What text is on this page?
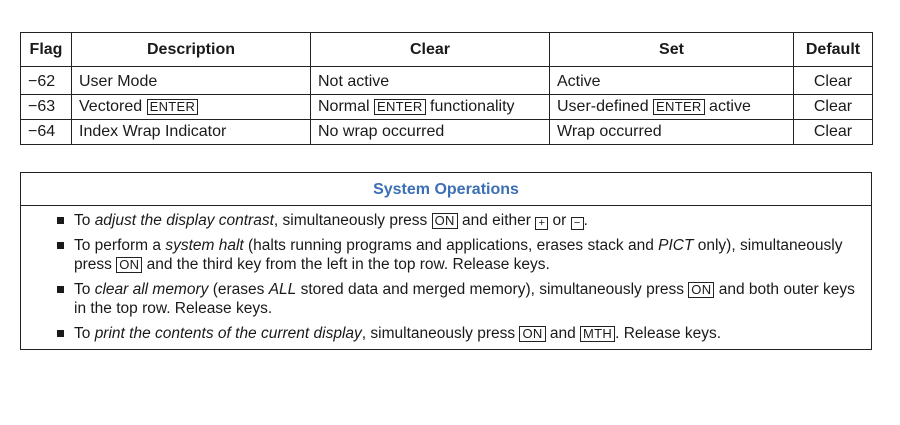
Flag	Description	Clear	Set	Default
−62	User Mode	Not active	Active	Clear
−63	Vectored ENTER	Normal ENTER functionality	User-defined ENTER active	Clear
−64	Index Wrap Indicator	No wrap occurred	Wrap occurred	Clear
System Operations
To adjust the display contrast, simultaneously press ON and either + or − .
To perform a system halt (halts running programs and applications, erases stack and PICT only), simultaneously press ON and the third key from the left in the top row. Release keys.
To clear all memory (erases ALL stored data and merged memory), simultaneously press ON and both outer keys in the top row. Release keys.
To print the contents of the current display, simultaneously press ON and MTH . Release keys.
